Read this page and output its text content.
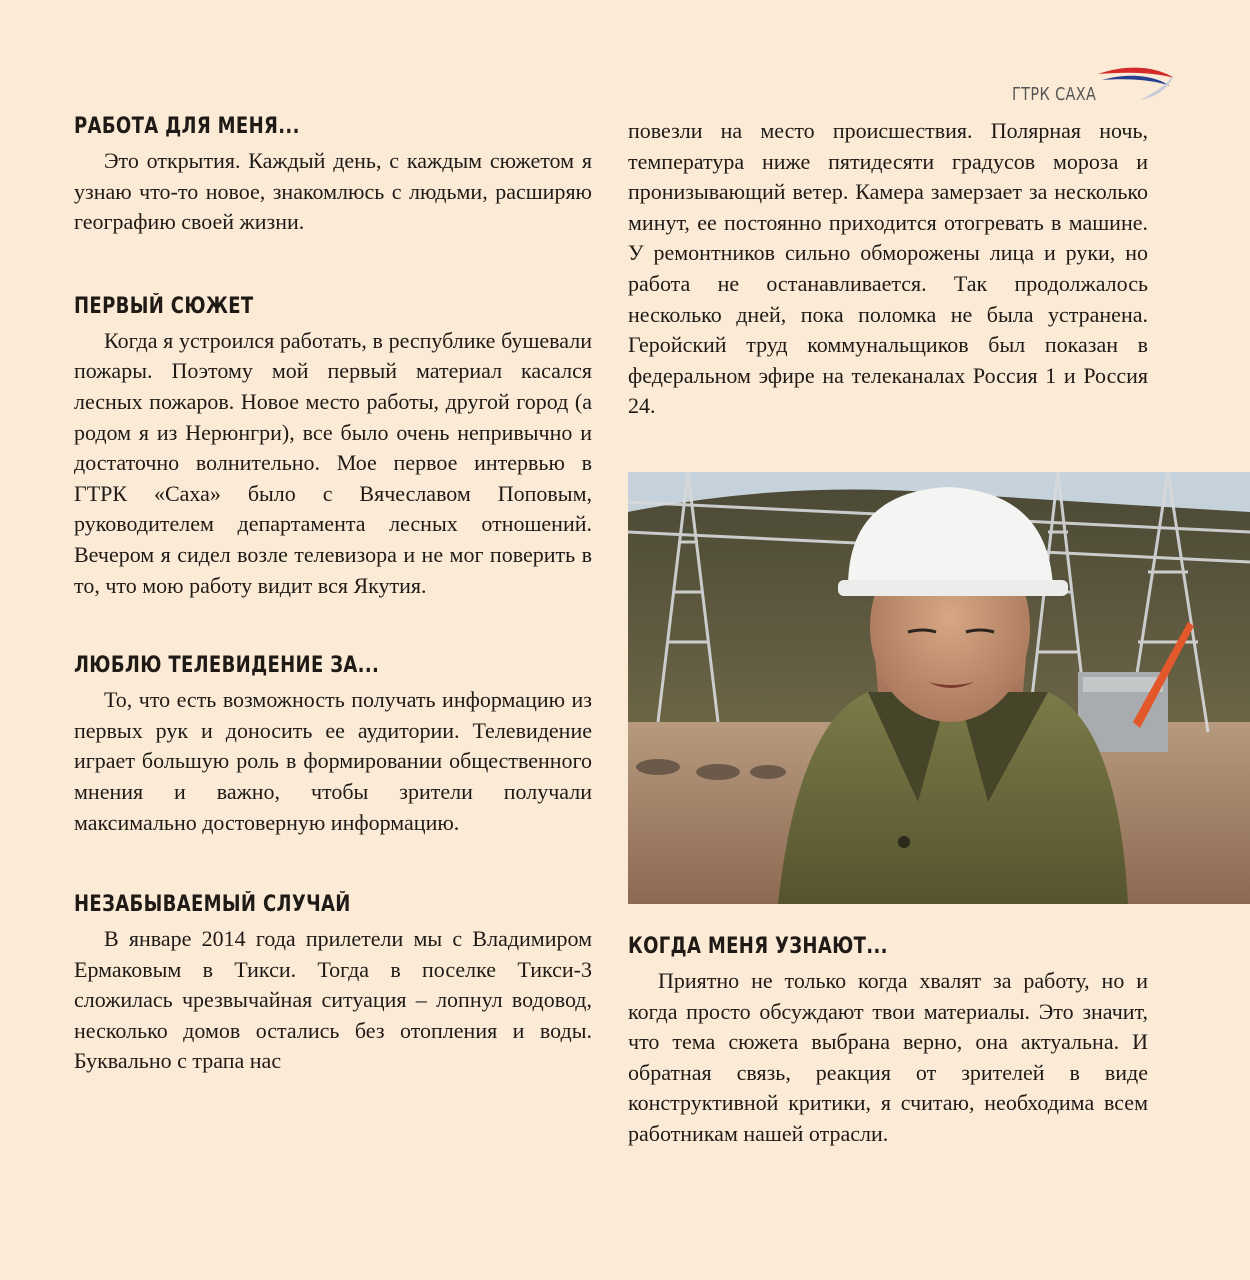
ГТРК САХА
РАБОТА ДЛЯ МЕНЯ...

Это открытия. Каждый день, с каждым сюжетом я узнаю что-то новое, знакомлюсь с людьми, расширяю географию своей жизни.

ПЕРВЫЙ СЮЖЕТ

Когда я устроился работать, в республике бушевали пожары. Поэтому мой первый материал касался лесных пожаров. Новое место работы, другой город (а родом я из Нерюнгри), все было очень непривычно и достаточно волнительно. Мое первое интервью в ГТРК «Саха» было с Вячеславом Поповым, руководителем департамента лесных отношений. Вечером я сидел возле телевизора и не мог поверить в то, что мою работу видит вся Якутия.

ЛЮБЛЮ ТЕЛЕВИДЕНИЕ ЗА...

То, что есть возможность получать информацию из первых рук и доносить ее аудитории. Телевидение играет большую роль в формировании общественного мнения и важно, чтобы зрители получали максимально достоверную информацию.

НЕЗАБЫВАЕМЫЙ СЛУЧАЙ

В январе 2014 года прилетели мы с Владимиром Ермаковым в Тикси. Тогда в поселке Тикси-3 сложилась чрезвычайная ситуация – лопнул водовод, несколько домов остались без отопления и воды. Буквально с трапа нас

повезли на место происшествия. Полярная ночь, температура ниже пятидесяти градусов мороза и пронизывающий ветер. Камера замерзает за несколько минут, ее постоянно приходится отогревать в машине. У ремонтников сильно обморожены лица и руки, но работа не останавливается. Так продолжалось несколько дней, пока поломка не была устранена. Геройский труд коммунальщиков был показан в федеральном эфире на телеканалах Россия 1 и Россия 24.

КОГДА МЕНЯ УЗНАЮТ...

Приятно не только когда хвалят за работу, но и когда просто обсуждают твои материалы. Это значит, что тема сюжета выбрана верно, она актуальна. И обратная связь, реакция от зрителей в виде конструктивной критики, я считаю, необходима всем работникам нашей отрасли.
